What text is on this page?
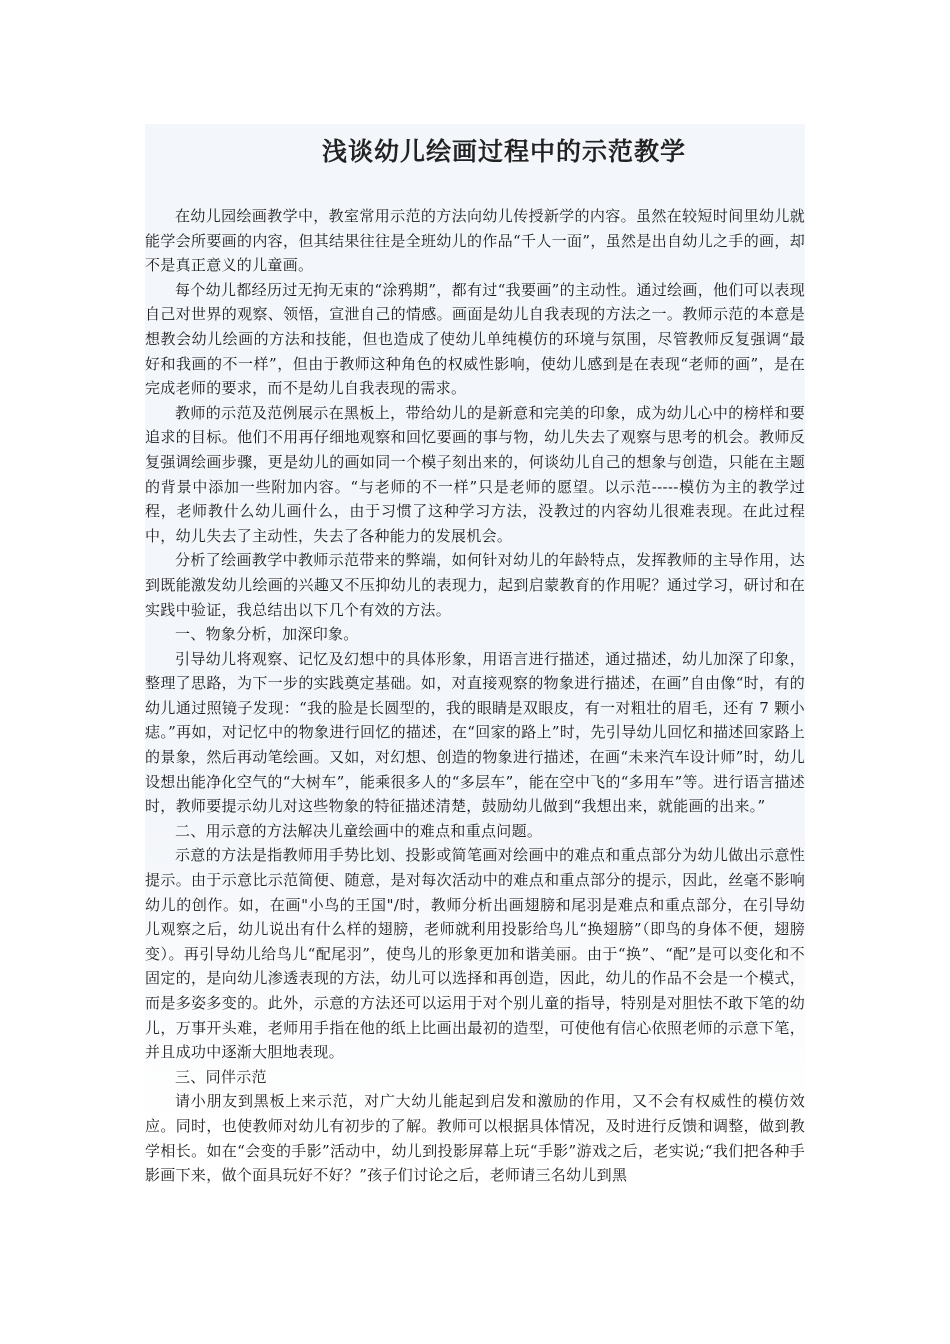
浅谈幼儿绘画过程中的示范教学

在幼儿园绘画教学中，教室常用示范的方法向幼儿传授新学的内容。虽然在较短时间里幼儿就能学会所要画的内容，但其结果往往是全班幼儿的作品“千人一面”，虽然是出自幼儿之手的画，却不是真正意义的儿童画。

每个幼儿都经历过无拘无束的“涂鸦期”，都有过“我要画”的主动性。通过绘画，他们可以表现自己对世界的观察、领悟，宣泄自己的情感。画面是幼儿自我表现的方法之一。教师示范的本意是想教会幼儿绘画的方法和技能，但也造成了使幼儿单纯模仿的环境与氛围，尽管教师反复强调“最好和我画的不一样”，但由于教师这种角色的权威性影响，使幼儿感到是在表现“老师的画”，是在完成老师的要求，而不是幼儿自我表现的需求。

教师的示范及范例展示在黑板上，带给幼儿的是新意和完美的印象，成为幼儿心中的榜样和要追求的目标。他们不用再仔细地观察和回忆要画的事与物，幼儿失去了观察与思考的机会。教师反复强调绘画步骤，更是幼儿的画如同一个模子刻出来的，何谈幼儿自己的想象与创造，只能在主题的背景中添加一些附加内容。“与老师的不一样”只是老师的愿望。以示范-----模仿为主的教学过程，老师教什么幼儿画什么，由于习惯了这种学习方法，没教过的内容幼儿很难表现。在此过程中，幼儿失去了主动性，失去了各种能力的发展机会。

分析了绘画教学中教师示范带来的弊端，如何针对幼儿的年龄特点，发挥教师的主导作用，达到既能激发幼儿绘画的兴趣又不压抑幼儿的表现力，起到启蒙教育的作用呢？通过学习，研讨和在实践中验证，我总结出以下几个有效的方法。

一、物象分析，加深印象。

引导幼儿将观察、记忆及幻想中的具体形象，用语言进行描述，通过描述，幼儿加深了印象，整理了思路，为下一步的实践奠定基础。如，对直接观察的物象进行描述，在画”自由像“时，有的幼儿通过照镜子发现：“我的脸是长圆型的，我的眼睛是双眼皮，有一对粗壮的眉毛，还有 7 颗小痣。”再如，对记忆中的物象进行回忆的描述，在“回家的路上”时，先引导幼儿回忆和描述回家路上的景象，然后再动笔绘画。又如，对幻想、创造的物象进行描述，在画“未来汽车设计师”时，幼儿设想出能净化空气的“大树车”，能乘很多人的“多层车”，能在空中飞的“多用车”等。进行语言描述时，教师要提示幼儿对这些物象的特征描述清楚，鼓励幼儿做到“我想出来，就能画的出来。”

二、用示意的方法解决儿童绘画中的难点和重点问题。

示意的方法是指教师用手势比划、投影或简笔画对绘画中的难点和重点部分为幼儿做出示意性提示。由于示意比示范简便、随意，是对每次活动中的难点和重点部分的提示，因此，丝毫不影响幼儿的创作。如，在画"小鸟的王国"/时，教师分析出画翅膀和尾羽是难点和重点部分，在引导幼儿观察之后，幼儿说出有什么样的翅膀，老师就利用投影给鸟儿“换翅膀”（即鸟的身体不便，翅膀变）。再引导幼儿给鸟儿“配尾羽”，使鸟儿的形象更加和谐美丽。由于“换”、“配”是可以变化和不固定的，是向幼儿渗透表现的方法，幼儿可以选择和再创造，因此，幼儿的作品不会是一个模式，而是多姿多变的。此外，示意的方法还可以运用于对个别儿童的指导，特别是对胆怯不敢下笔的幼儿，万事开头难，老师用手指在他的纸上比画出最初的造型，可使他有信心依照老师的示意下笔，并且成功中逐渐大胆地表现。

三、同伴示范

请小朋友到黑板上来示范，对广大幼儿能起到启发和激励的作用，又不会有权威性的模仿效应。同时，也使教师对幼儿有初步的了解。教师可以根据具体情况，及时进行反馈和调整，做到教学相长。如在“会变的手影”活动中，幼儿到投影屏幕上玩“手影”游戏之后，老实说;“我们把各种手影画下来，做个面具玩好不好？”孩子们讨论之后，老师请三名幼儿到黑
